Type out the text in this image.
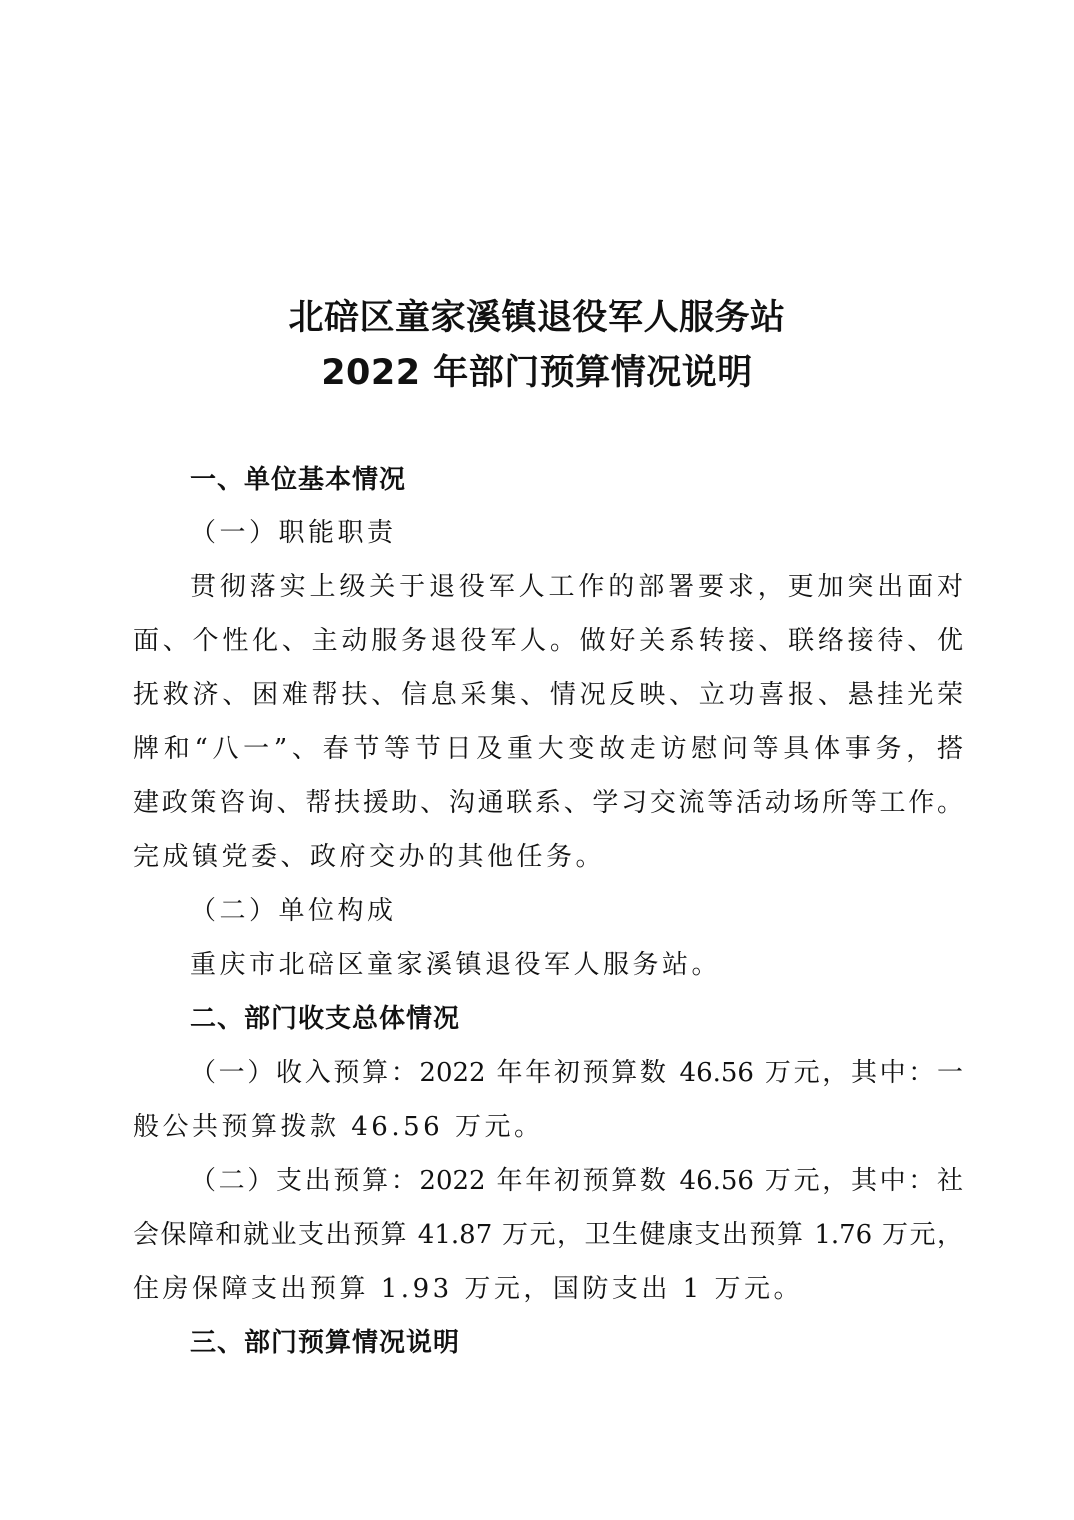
北碚区童家溪镇退役军人服务站
2022 年部门预算情况说明
一、单位基本情况
（一）职能职责
贯彻落实上级关于退役军人工作的部署要求，更加突出面对
面、个性化、主动服务退役军人。做好关系转接、联络接待、优
抚救济、困难帮扶、信息采集、情况反映、立功喜报、悬挂光荣
牌和“八一”、春节等节日及重大变故走访慰问等具体事务，搭
建政策咨询、帮扶援助、沟通联系、学习交流等活动场所等工作。
完成镇党委、政府交办的其他任务。
（二）单位构成
重庆市北碚区童家溪镇退役军人服务站。
二、部门收支总体情况
（一）收入预算：2022 年年初预算数 46.56 万元，其中：一
般公共预算拨款 46.56 万元。
（二）支出预算：2022 年年初预算数 46.56 万元，其中：社
会保障和就业支出预算 41.87 万元，卫生健康支出预算 1.76 万元，
住房保障支出预算 1.93 万元，国防支出 1 万元。
三、部门预算情况说明
